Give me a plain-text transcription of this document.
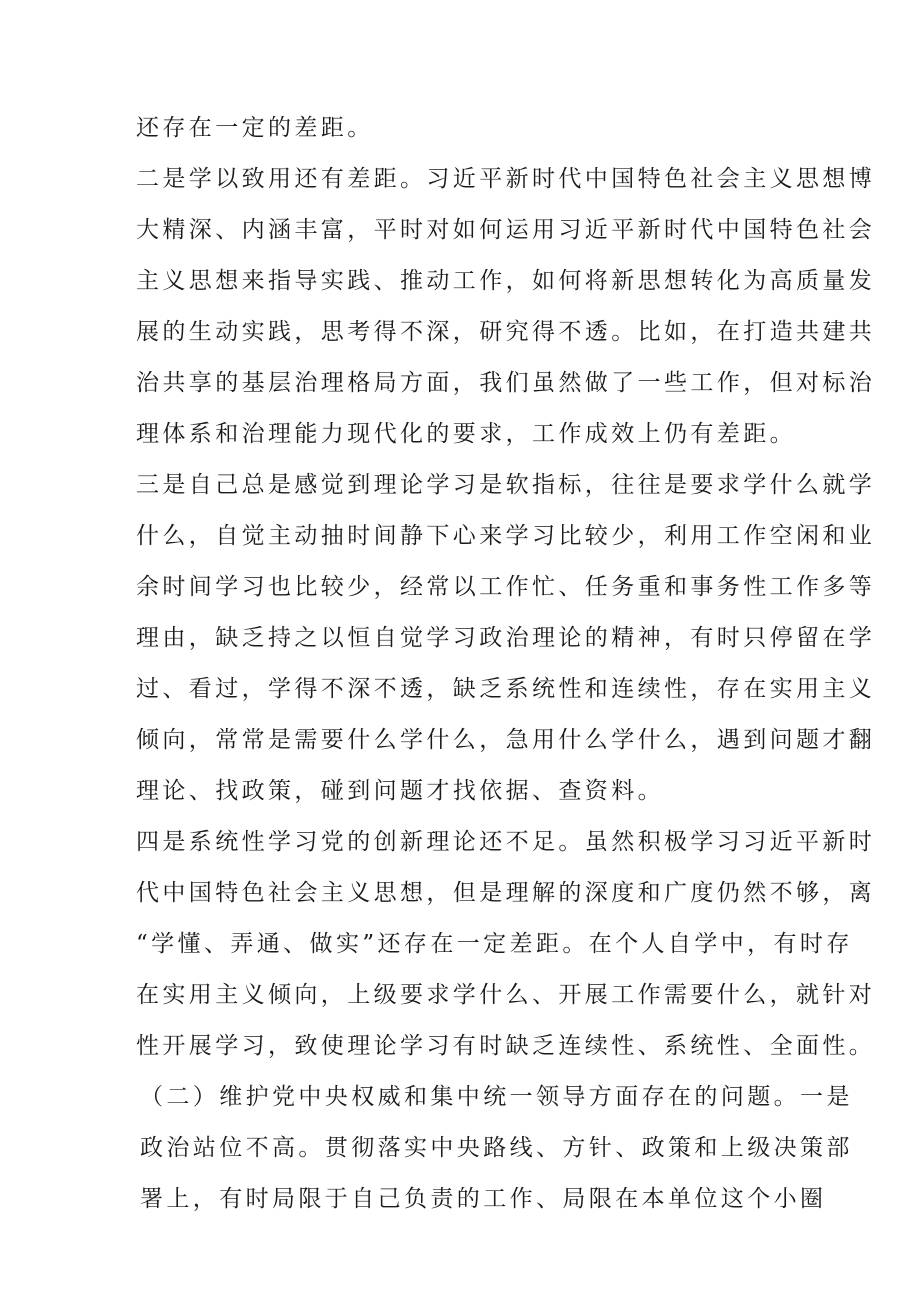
还存在一定的差距。
二是学以致用还有差距。习近平新时代中国特色社会主义思想博
大精深、内涵丰富，平时对如何运用习近平新时代中国特色社会
主义思想来指导实践、推动工作，如何将新思想转化为高质量发
展的生动实践，思考得不深，研究得不透。比如，在打造共建共
治共享的基层治理格局方面，我们虽然做了一些工作，但对标治
理体系和治理能力现代化的要求，工作成效上仍有差距。
三是自己总是感觉到理论学习是软指标，往往是要求学什么就学
什么，自觉主动抽时间静下心来学习比较少，利用工作空闲和业
余时间学习也比较少，经常以工作忙、任务重和事务性工作多等
理由，缺乏持之以恒自觉学习政治理论的精神，有时只停留在学
过、看过，学得不深不透，缺乏系统性和连续性，存在实用主义
倾向，常常是需要什么学什么，急用什么学什么，遇到问题才翻
理论、找政策，碰到问题才找依据、查资料。
四是系统性学习党的创新理论还不足。虽然积极学习习近平新时
代中国特色社会主义思想，但是理解的深度和广度仍然不够，离
“学懂、弄通、做实”还存在一定差距。在个人自学中，有时存
在实用主义倾向，上级要求学什么、开展工作需要什么，就针对
性开展学习，致使理论学习有时缺乏连续性、系统性、全面性。
（二）维护党中央权威和集中统一领导方面存在的问题。一是
政治站位不高。贯彻落实中央路线、方针、政策和上级决策部
署上，有时局限于自己负责的工作、局限在本单位这个小圈
